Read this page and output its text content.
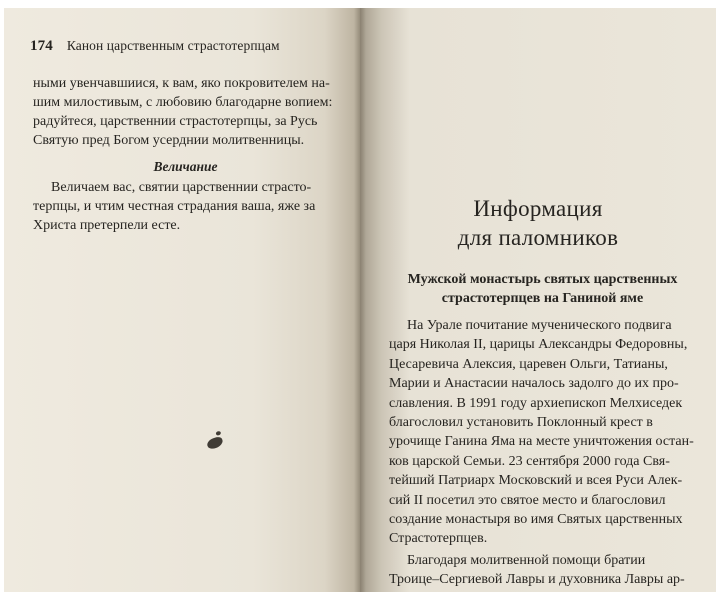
174 Канон царственным страстотерпцам
ными увенчавшиися, к вам, яко покровителем на-
шим милостивым, с любовию благодарне вопием:
радуйтеся, царственнии страстотерпцы, за Русь
Святую пред Богом усерднии молитвенницы.
Величание
Величаем вас, святии царственнии страсто-
терпцы, и чтим честная страдания ваша, яже за
Христа претерпели есте.
Информация
для паломников
Мужской монастырь святых царственных
страстотерпцев на Ганиной яме
На Урале почитание мученического подвига
царя Николая II, царицы Александры Федоровны,
Цесаревича Алексия, царевен Ольги, Татианы,
Марии и Анастасии началось задолго до их про-
славления. В 1991 году архиепископ Мелхиседек
благословил установить Поклонный крест в
урочище Ганина Яма на месте уничтожения остан-
ков царской Семьи. 23 сентября 2000 года Свя-
тейший Патриарх Московский и всея Руси Алек-
сий II посетил это святое место и благословил
создание монастыря во имя Святых царственных
Страстотерпцев.
Благодаря молитвенной помощи братии
Троице–Сергиевой Лавры и духовника Лавры ар-
